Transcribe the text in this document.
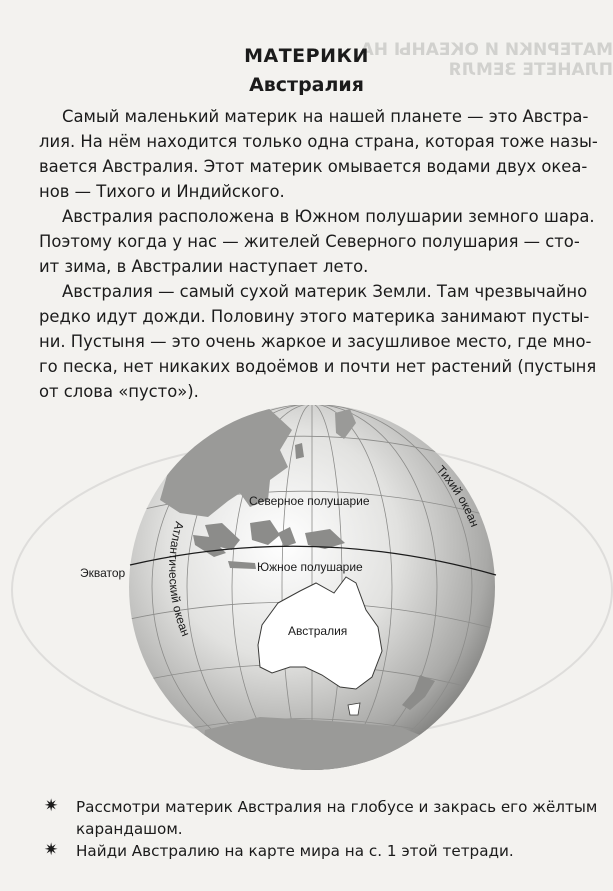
МАТЕРИКИ И ОКЕАНЫ НА ПЛАНЕТЕ ЗЕМЛЯ
МАТЕРИКИ
Австралия

Самый маленький материк на нашей планете — это Австра-
лия. На нём находится только одна страна, которая тоже назы-
вается Австралия. Этот материк омывается водами двух океа-
нов — Тихого и Индийского.

Австралия расположена в Южном полушарии земного шара.
Поэтому когда у нас — жителей Северного полушария — сто-
ит зима, в Австралии наступает лето.

Австралия — самый сухой материк Земли. Там чрезвычайно
редко идут дожди. Половину этого материка занимают пусты-
ни. Пустыня — это очень жаркое и засушливое место, где мно-
го песка, нет никаких водоёмов и почти нет растений (пустыня
от слова «пусто»).

Северное полушарие
Южное полушарие
Экватор
Австралия
Тихий океан
Атлантический океан
✷ Рассмотри материк Австралия на глобусе и закрась его жёлтым
карандашом.
✷ Найди Австралию на карте мира на с. 1 этой тетради.
